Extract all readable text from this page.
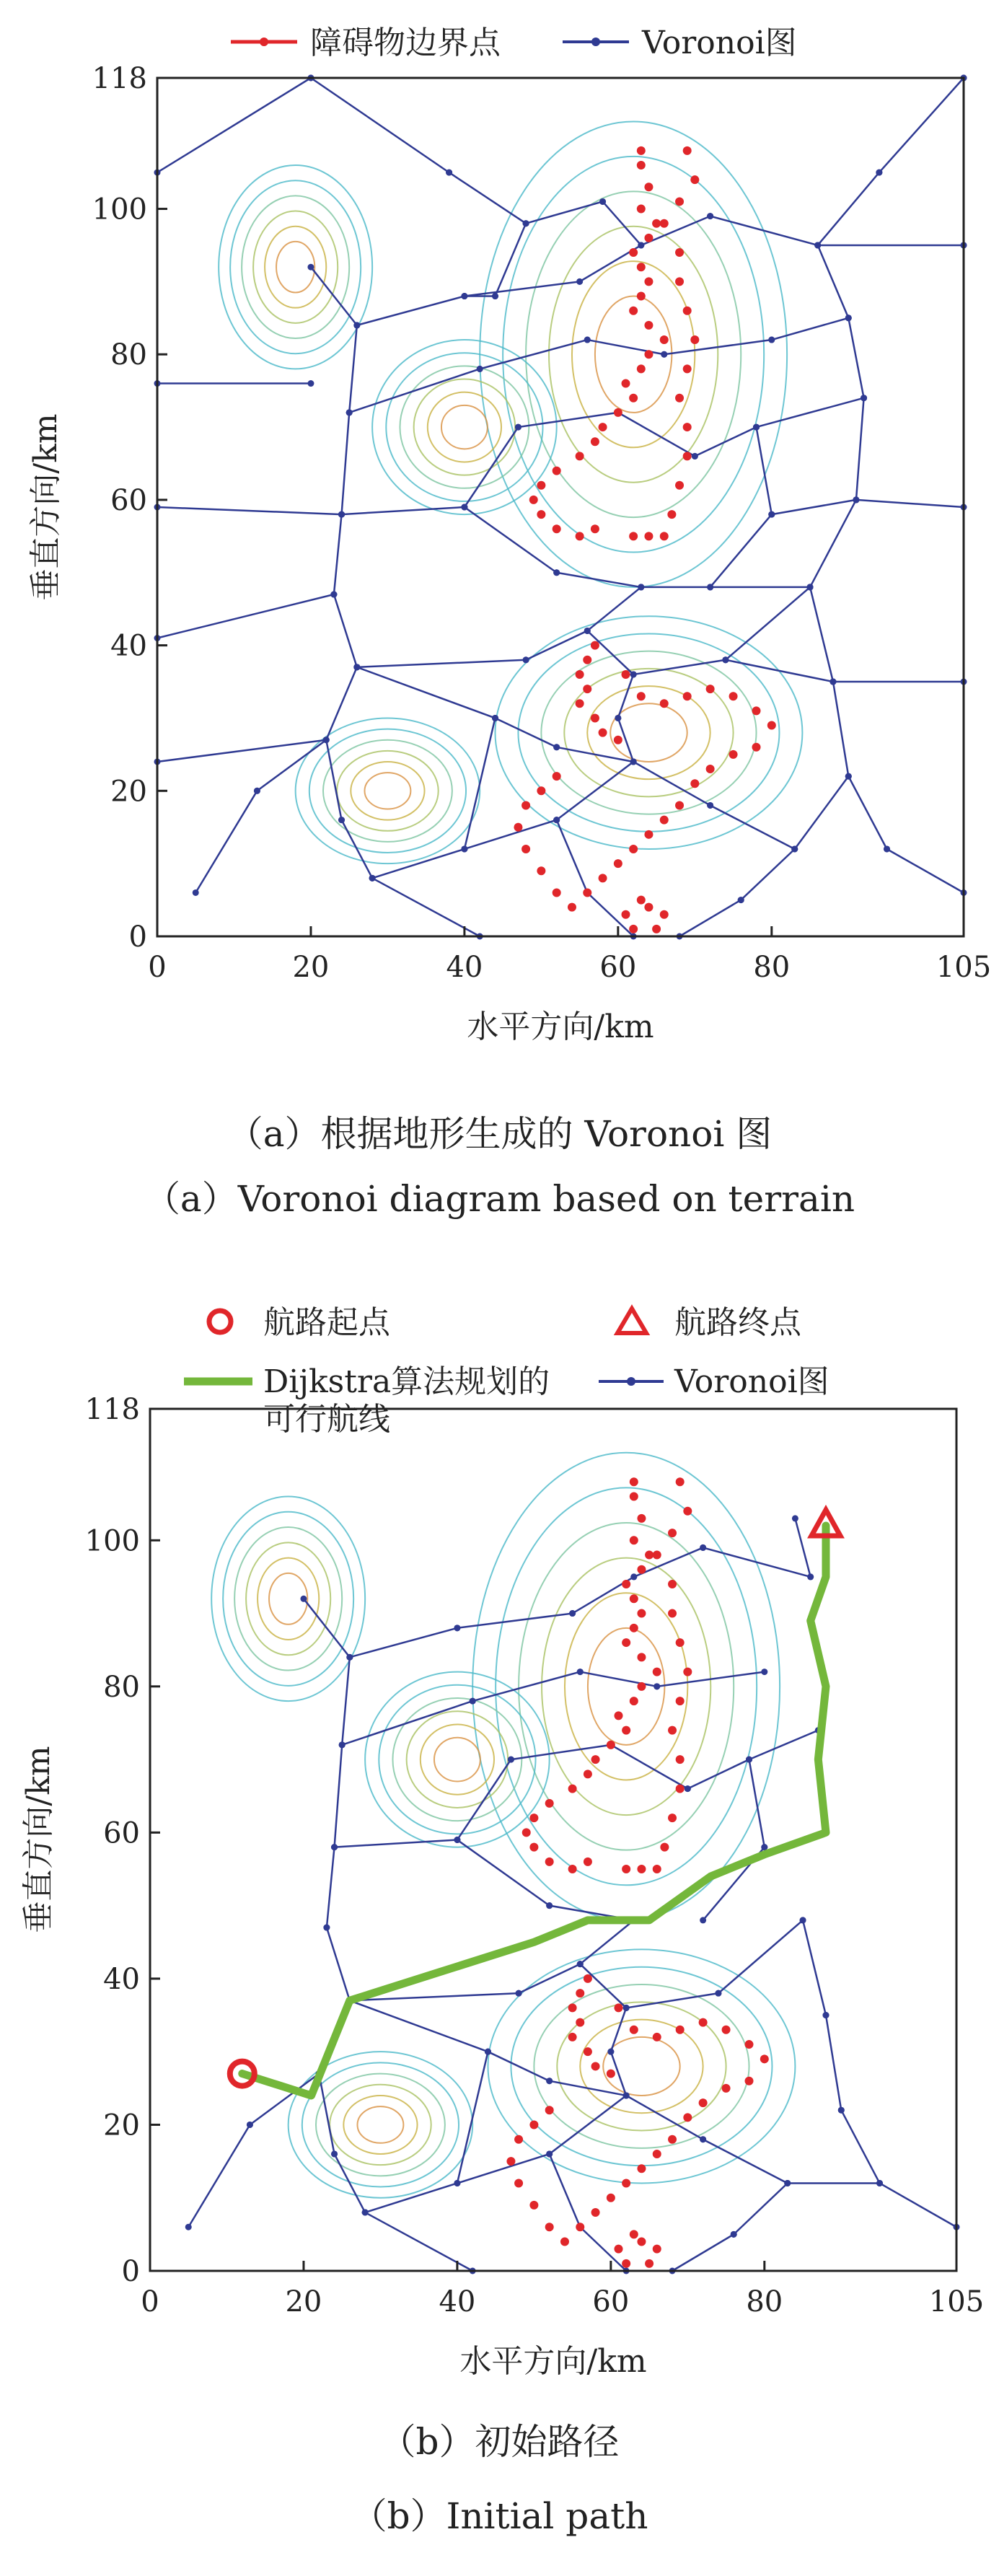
障碍物边界点	Voronoi图
0	20	40	60	80	105
0
20
40
60
80
100
118
水平方向/km
垂直方向/km
（a）根据地形生成的 Voronoi 图
（a）Voronoi diagram based on terrain
航路起点	航路终点
Dijkstra算法规划的
可行航线
Voronoi图
0	20	40	60	80	105
0
20
40
60
80
100
118
水平方向/km
垂直方向/km
（b）初始路径
（b）Initial path
